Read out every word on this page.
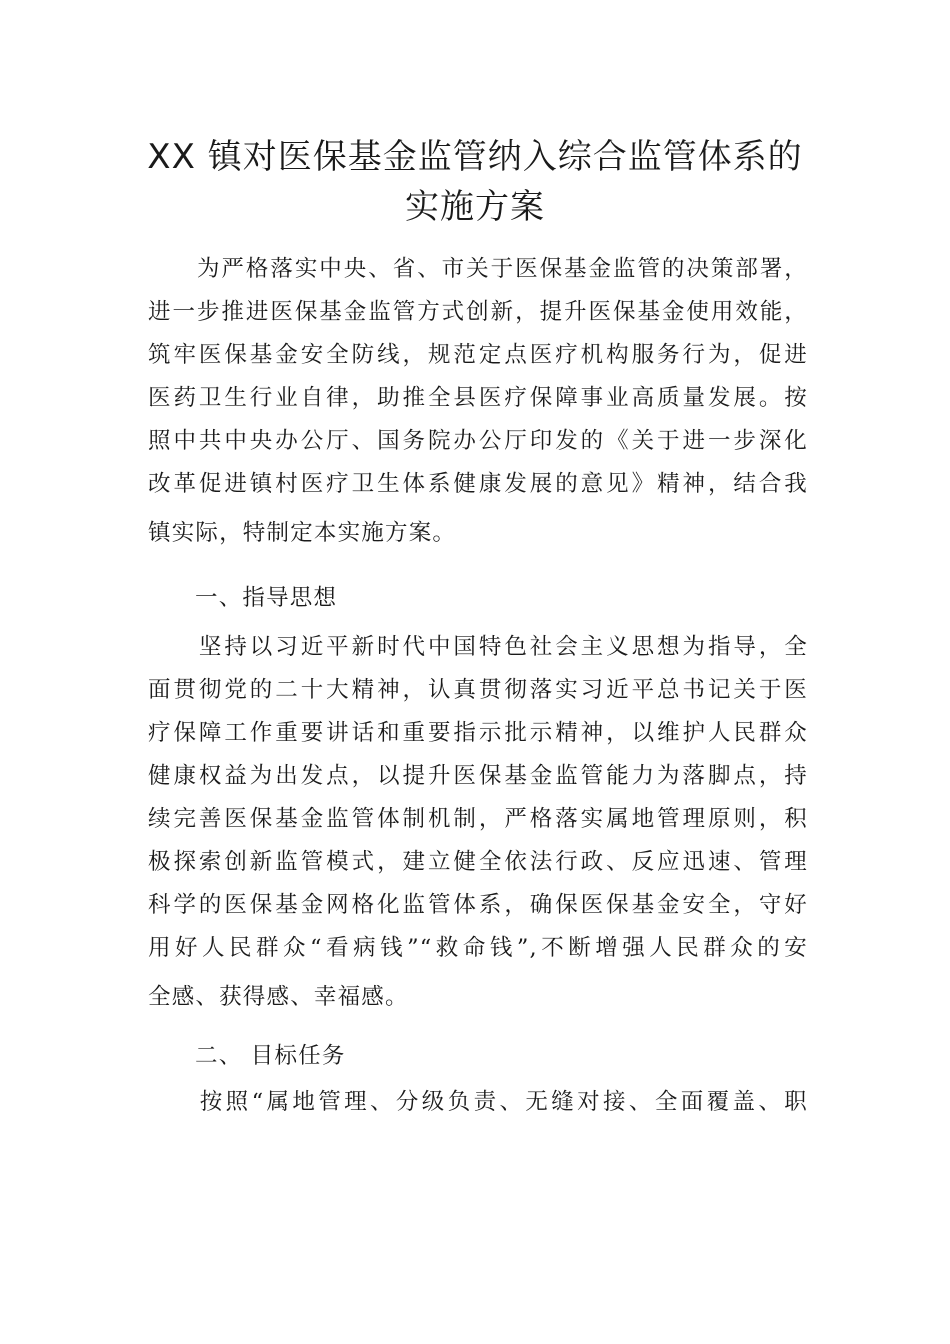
XX 镇对医保基金监管纳入综合监管体系的
实施方案
　　为严格落实中央、省、市关于医保基金监管的决策部署，
进一步推进医保基金监管方式创新，提升医保基金使用效能，
筑牢医保基金安全防线，规范定点医疗机构服务行为，促进
医药卫生行业自律，助推全县医疗保障事业高质量发展。按
照中共中央办公厅、国务院办公厅印发的《关于进一步深化
改革促进镇村医疗卫生体系健康发展的意见》精神，结合我
镇实际，特制定本实施方案。
一、指导思想
　　坚持以习近平新时代中国特色社会主义思想为指导，全
面贯彻党的二十大精神，认真贯彻落实习近平总书记关于医
疗保障工作重要讲话和重要指示批示精神，以维护人民群众
健康权益为出发点，以提升医保基金监管能力为落脚点，持
续完善医保基金监管体制机制，严格落实属地管理原则，积
极探索创新监管模式，建立健全依法行政、反应迅速、管理
科学的医保基金网格化监管体系，确保医保基金安全，守好
用好人民群众“看病钱”“救命钱”,不断增强人民群众的安
全感、获得感、幸福感。
二、 目标任务
　　按照“属地管理、分级负责、无缝对接、全面覆盖、职
